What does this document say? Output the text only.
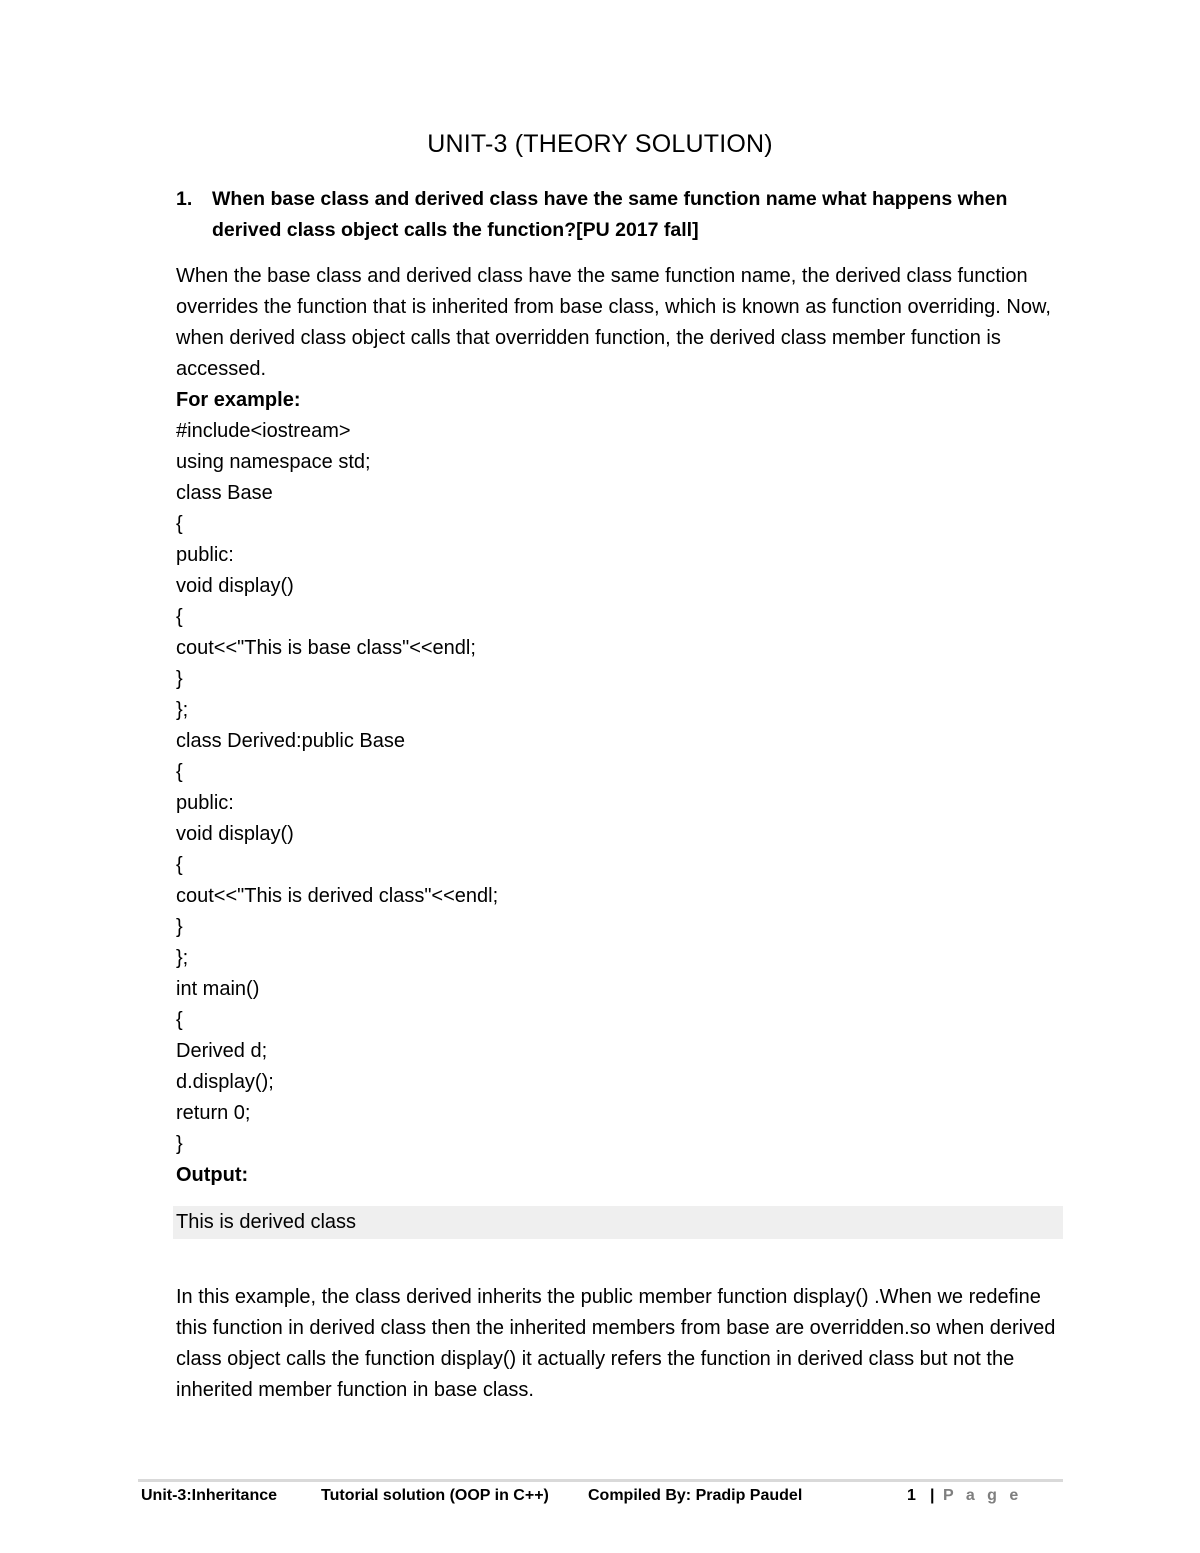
UNIT-3 (THEORY SOLUTION)
1. When base class and derived class have the same function name what happens when derived class object calls the function?[PU 2017 fall]
When the base class and derived class have the same function name, the derived class function overrides the function that is inherited from base class, which is known as function overriding. Now, when derived class object calls that overridden function, the derived class member function is accessed.
For example:
#include<iostream>
using namespace std;
class Base
{
public:
void display()
{
cout<<"This is base class"<<endl;
}
};
class Derived:public Base
{
public:
void display()
{
cout<<"This is derived class"<<endl;
}
};
int main()
{
Derived d;
d.display();
return 0;
}
Output:
This is derived class
In this example, the class derived inherits the public member function display() .When we redefine this function in derived class then the inherited members from base are overridden.so when derived class object calls the function display() it actually refers the function in derived class but not the inherited member function in base class.
Unit-3:Inheritance	Tutorial solution (OOP in C++) Compiled By: Pradip Paudel	1 | P a g e
